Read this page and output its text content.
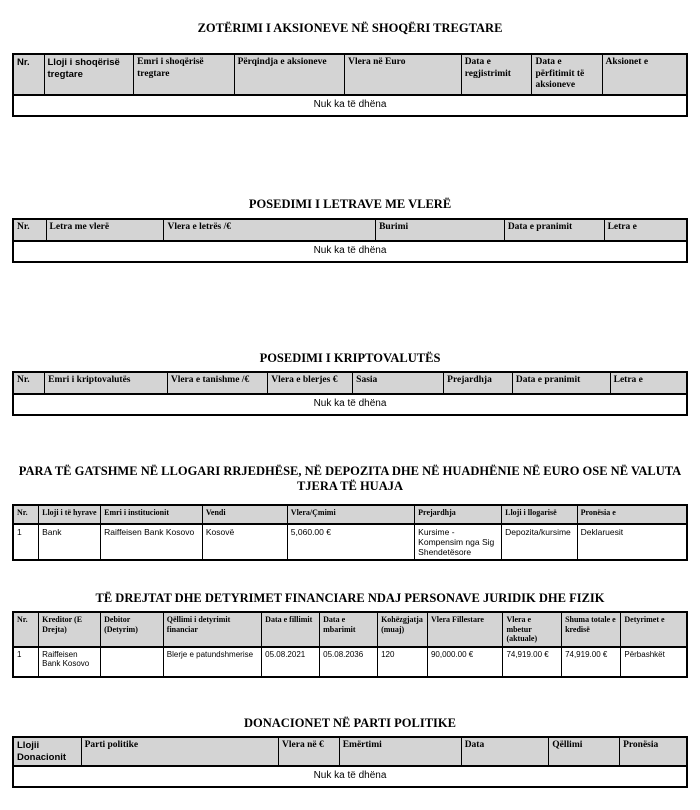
ZOTËRIMI I AKSIONEVE NË SHOQËRI TREGTARE
Nr.	Lloji i shoqërisë tregtare	Emri i shoqërisë tregtare	Përqindja e aksioneve	Vlera në Euro	Data e regjistrimit	Data e përfitimit të aksioneve	Aksionet e
Nuk ka të dhëna
POSEDIMI I LETRAVE ME VLERË
Nr.	Letra me vlerë	Vlera e letrës /€	Burimi	Data e pranimit	Letra e
Nuk ka të dhëna
POSEDIMI I KRIPTOVALUTËS
Nr.	Emri i kriptovalutës	Vlera e tanishme /€	Vlera e blerjes €	Sasia	Prejardhja	Data e pranimit	Letra e
Nuk ka të dhëna
PARA TË GATSHME NË LLOGARI RRJEDHËSE, NË DEPOZITA DHE NË HUADHËNIE NË EURO OSE NË VALUTA TJERA TË HUAJA
Nr.	Lloji i të hyrave	Emri i institucionit	Vendi	Vlera/Çmimi	Prejardhja	Lloji i llogarisë	Pronësia e
1	Bank	Raiffeisen Bank Kosovo	Kosovë	5,060.00 €	Kursime - Kompensim nga Sig Shendetësore	Depozita/kursime	Deklaruesit
TË DREJTAT DHE DETYRIMET FINANCIARE NDAJ PERSONAVE JURIDIK DHE FIZIK
Nr.	Kreditor (E Drejta)	Debitor (Detyrim)	Qëllimi i detyrimit financiar	Data e fillimit	Data e mbarimit	Kohëzgjatja (muaj)	Vlera Fillestare	Vlera e mbetur (aktuale)	Shuma totale e kredisë	Detyrimet e
1	Raiffeisen Bank Kosovo		Blerje e patundshmerise	05.08.2021	05.08.2036	120	90,000.00 €	74,919.00 €	74,919.00 €	Përbashkët
DONACIONET NË PARTI POLITIKE
Llojii Donacionit	Parti politike	Vlera në €	Emërtimi	Data	Qëllimi	Pronësia
Nuk ka të dhëna
